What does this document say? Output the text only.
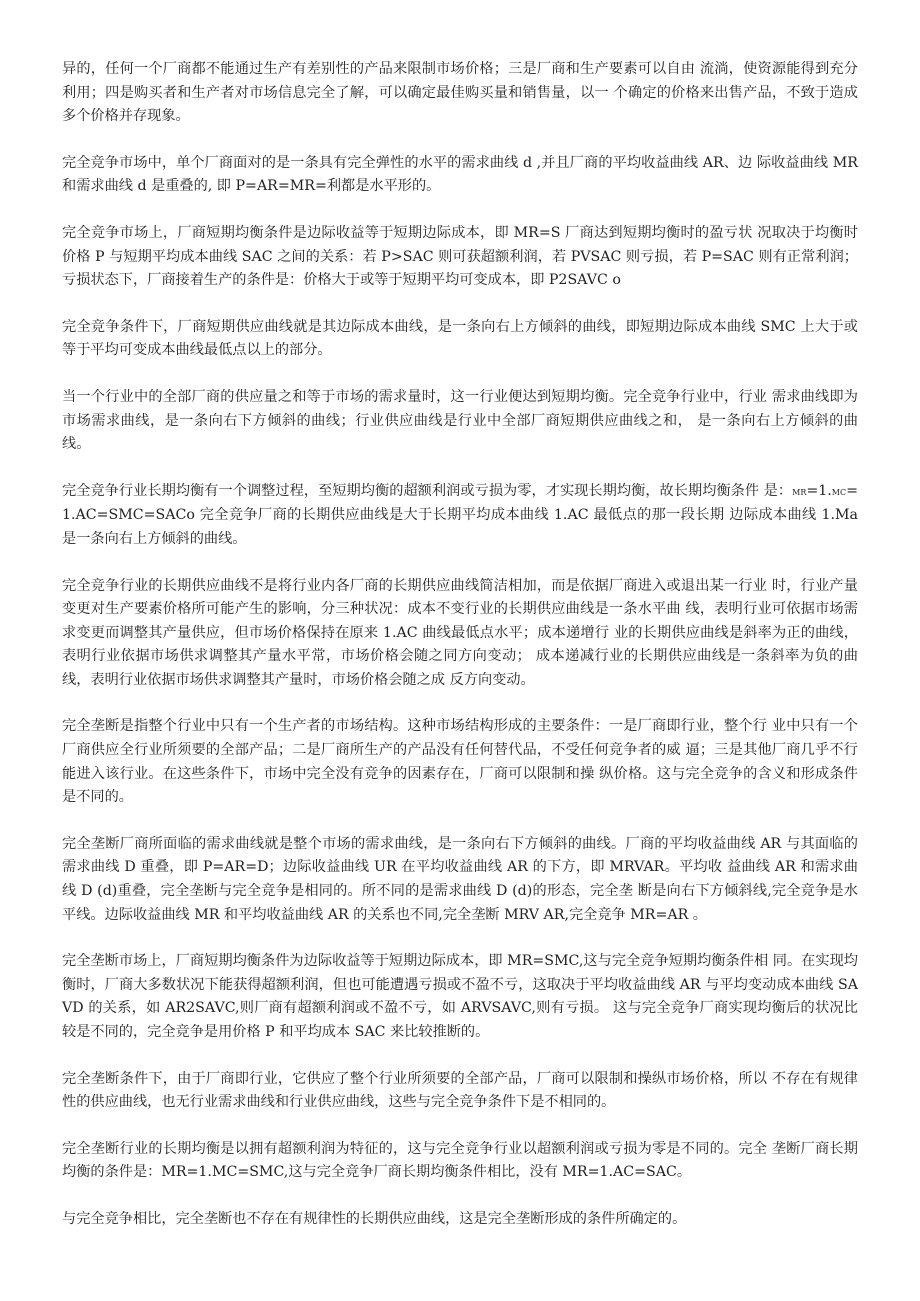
异的，任何一个厂商都不能通过生产有差别性的产品来限制市场价格；三是厂商和生产要素可以自由 流淌，使资源能得到充分利用；四是购买者和生产者对市场信息完全了解，可以确定最佳购买量和销售量，以一 个确定的价格来出售产品，不致于造成多个价格并存现象。

完全竞争市场中，单个厂商面对的是一条具有完全弹性的水平的需求曲线 d ,并且厂商的平均收益曲线 AR、边 际收益曲线 MR 和需求曲线 d 是重叠的, 即 P=AR=MR=利都是水平形的。

完全竞争市场上，厂商短期均衡条件是边际收益等于短期边际成本，即 MR=S 厂商达到短期均衡时的盈亏状 况取决于均衡时价格 P 与短期平均成本曲线 SAC 之间的关系：若 P>SAC 则可获超额利润，若 PVSAC 则亏损，若 P=SAC 则有正常利润；亏损状态下，厂商接着生产的条件是：价格大于或等于短期平均可变成本，即 P2SAVC o

完全竞争条件下，厂商短期供应曲线就是其边际成本曲线，是一条向右上方倾斜的曲线，即短期边际成本曲线 SMC 上大于或等于平均可变成本曲线最低点以上的部分。

当一个行业中的全部厂商的供应量之和等于市场的需求量时，这一行业便达到短期均衡。完全竞争行业中，行业 需求曲线即为市场需求曲线，是一条向右下方倾斜的曲线；行业供应曲线是行业中全部厂商短期供应曲线之和， 是一条向右上方倾斜的曲线。

完全竞争行业长期均衡有一个调整过程，至短期均衡的超额利润或亏损为零，才实现长期均衡，故长期均衡条件 是：MR=1.MC=1.AC=SMC=SACo 完全竞争厂商的长期供应曲线是大于长期平均成本曲线 1.AC 最低点的那一段长期 边际成本曲线 1.Ma 是一条向右上方倾斜的曲线。

完全竞争行业的长期供应曲线不是将行业内各厂商的长期供应曲线简洁相加，而是依据厂商进入或退出某一行业 时，行业产量变更对生产要素价格所可能产生的影响，分三种状况：成本不变行业的长期供应曲线是一条水平曲 线，表明行业可依据市场需求变更而调整其产量供应，但市场价格保持在原来 1.AC 曲线最低点水平；成本递增行 业的长期供应曲线是斜率为正的曲线，表明行业依据市场供求调整其产量水平常，市场价格会随之同方向变动； 成本递减行业的长期供应曲线是一条斜率为负的曲线，表明行业依据市场供求调整其产量时，市场价格会随之成 反方向变动。

完全垄断是指整个行业中只有一个生产者的市场结构。这种市场结构形成的主要条件：一是厂商即行业，整个行 业中只有一个厂商供应全行业所须要的全部产品；二是厂商所生产的产品没有任何替代品，不受任何竞争者的威 逼；三是其他厂商几乎不行能进入该行业。在这些条件下，市场中完全没有竞争的因素存在，厂商可以限制和操 纵价格。这与完全竞争的含义和形成条件是不同的。

完全垄断厂商所面临的需求曲线就是整个市场的需求曲线，是一条向右下方倾斜的曲线。厂商的平均收益曲线 AR 与其面临的需求曲线 D 重叠，即 P=AR=D；边际收益曲线 UR 在平均收益曲线 AR 的下方，即 MRVAR。平均收 益曲线 AR 和需求曲线 D (d)重叠，完全垄断与完全竞争是相同的。所不同的是需求曲线 D (d)的形态，完全垄 断是向右下方倾斜线,完全竞争是水平线。边际收益曲线 MR 和平均收益曲线 AR 的关系也不同,完全垄断 MRV AR,完全竞争 MR=AR 。

完全垄断市场上，厂商短期均衡条件为边际收益等于短期边际成本，即 MR=SMC,这与完全竞争短期均衡条件相 同。在实现均衡时，厂商大多数状况下能获得超额利润，但也可能遭遇亏损或不盈不亏，这取决于平均收益曲线 AR 与平均变动成本曲线 SAVD 的关系，如 AR2SAVC,则厂商有超额利润或不盈不亏，如 ARVSAVC,则有亏损。 这与完全竞争厂商实现均衡后的状况比较是不同的，完全竞争是用价格 P 和平均成本 SAC 来比较推断的。

完全垄断条件下，由于厂商即行业，它供应了整个行业所须要的全部产品，厂商可以限制和操纵市场价格，所以 不存在有规律性的供应曲线，也无行业需求曲线和行业供应曲线，这些与完全竞争条件下是不相同的。

完全垄断行业的长期均衡是以拥有超额利润为特征的，这与完全竞争行业以超额利润或亏损为零是不同的。完全 垄断厂商长期均衡的条件是：MR=1.MC=SMC,这与完全竞争厂商长期均衡条件相比，没有 MR=1.AC=SAC。

与完全竞争相比，完全垄断也不存在有规律性的长期供应曲线，这是完全垄断形成的条件所确定的。
